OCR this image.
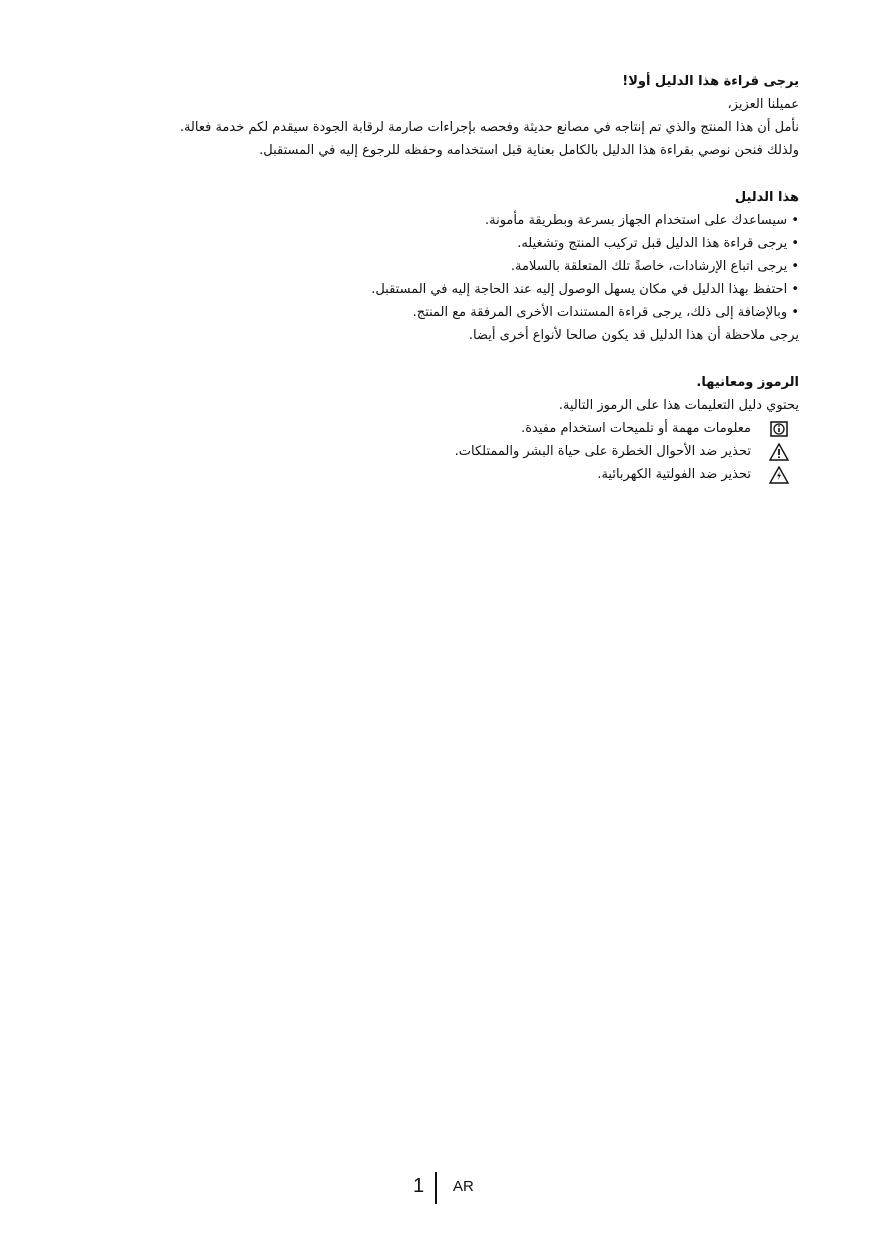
يرجى قراءة هذا الدليل أولا!

عميلنا العزيز،

نأمل أن هذا المنتج والذي تم إنتاجه في مصانع حديثة وفحصه بإجراءات صارمة لرقابة الجودة سيقدم لكم خدمة فعالة.

ولذلك فنحن نوصي بقراءة هذا الدليل بالكامل بعناية قبل استخدامه وحفظه للرجوع إليه في المستقبل.

هذا الدليل

• سيساعدك على استخدام الجهاز بسرعة وبطريقة مأمونة.

• يرجى قراءة هذا الدليل قبل تركيب المنتج وتشغيله.

• يرجى اتباع الإرشادات، خاصةً تلك المتعلقة بالسلامة.

• احتفظ بهذا الدليل في مكان يسهل الوصول إليه عند الحاجة إليه في المستقبل.

• وبالإضافة إلى ذلك، يرجى قراءة المستندات الأخرى المرفقة مع المنتج.

يرجى ملاحظة أن هذا الدليل قد يكون صالحا لأنواع أخرى أيضا.

الرموز ومعانيها.

يحتوي دليل التعليمات هذا على الرموز التالية.

معلومات مهمة أو تلميحات استخدام مفيدة.
تحذير ضد الأحوال الخطرة على حياة البشر والممتلكات.
تحذير ضد الفولتية الكهربائية.
1 AR
